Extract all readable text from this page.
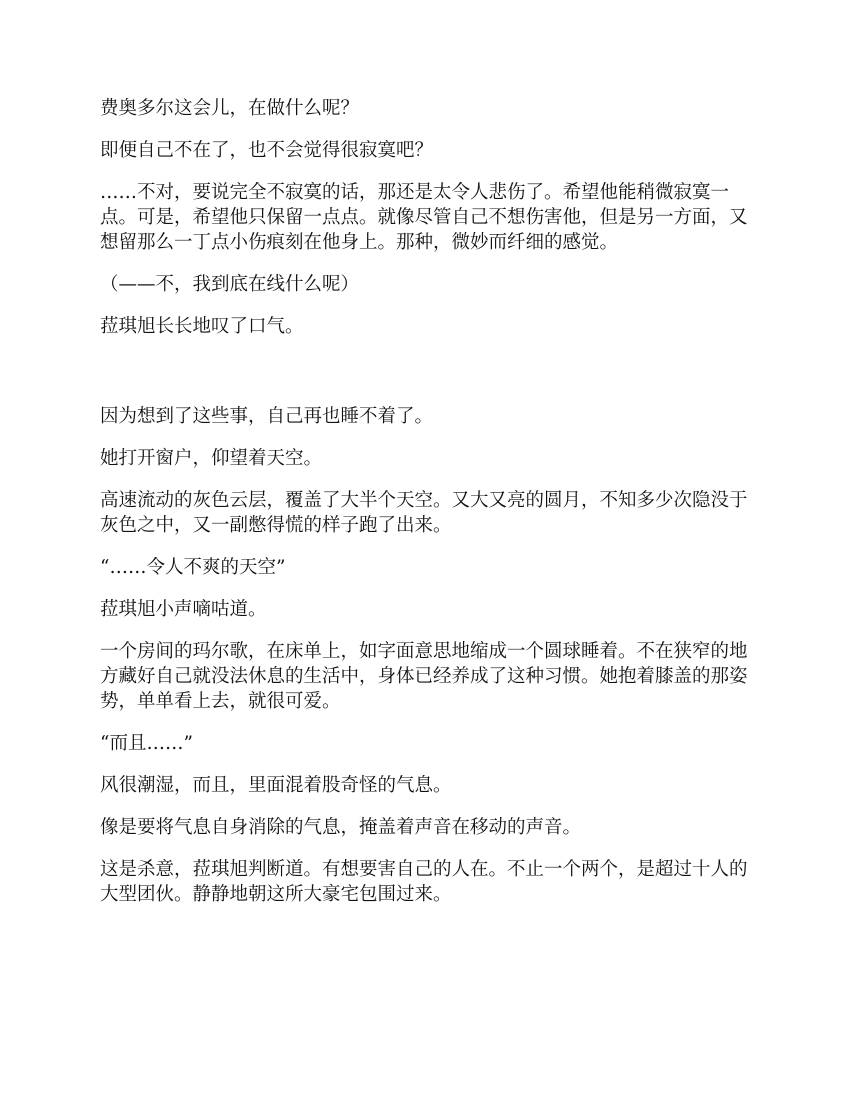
费奥多尔这会儿，在做什么呢？

即便自己不在了，也不会觉得很寂寞吧？

……不对，要说完全不寂寞的话，那还是太令人悲伤了。希望他能稍微寂寞一点。可是，希望他只保留一点点。就像尽管自己不想伤害他，但是另一方面，又想留那么一丁点小伤痕刻在他身上。那种，微妙而纤细的感觉。

（——不，我到底在线什么呢）

菈琪旭长长地叹了口气。

因为想到了这些事，自己再也睡不着了。

她打开窗户，仰望着天空。

高速流动的灰色云层，覆盖了大半个天空。又大又亮的圆月，不知多少次隐没于灰色之中，又一副憋得慌的样子跑了出来。

“……令人不爽的天空”

菈琪旭小声嘀咕道。

一个房间的玛尔歌，在床单上，如字面意思地缩成一个圆球睡着。不在狭窄的地方藏好自己就没法休息的生活中，身体已经养成了这种习惯。她抱着膝盖的那姿势，单单看上去，就很可爱。

“而且……”

风很潮湿，而且，里面混着股奇怪的气息。

像是要将气息自身消除的气息，掩盖着声音在移动的声音。

这是杀意，菈琪旭判断道。有想要害自己的人在。不止一个两个，是超过十人的大型团伙。静静地朝这所大豪宅包围过来。
